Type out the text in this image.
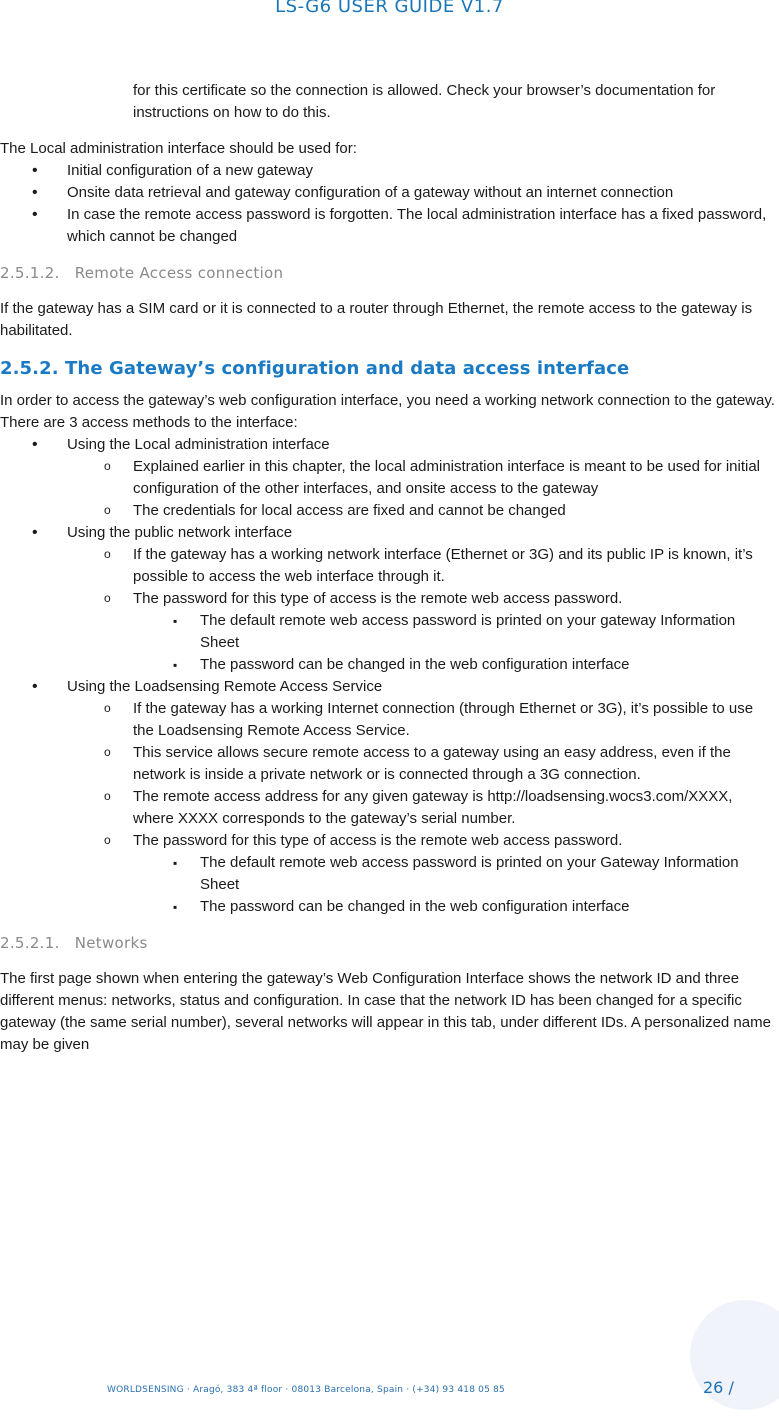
LS-G6 USER GUIDE V1.7

for this certificate so the connection is allowed. Check your browser’s documentation for instructions on how to do this.

The Local administration interface should be used for:

• Initial configuration of a new gateway
• Onsite data retrieval and gateway configuration of a gateway without an internet connection
• In case the remote access password is forgotten. The local administration interface has a fixed password, which cannot be changed
2.5.1.2. Remote Access connection

If the gateway has a SIM card or it is connected to a router through Ethernet, the remote access to the gateway is habilitated.

2.5.2. The Gateway’s configuration and data access interface

In order to access the gateway’s web configuration interface, you need a working network connection to the gateway. There are 3 access methods to the interface:

• Using the Local administration interface
o Explained earlier in this chapter, the local administration interface is meant to be used for initial configuration of the other interfaces, and onsite access to the gateway
o The credentials for local access are fixed and cannot be changed
• Using the public network interface
o If the gateway has a working network interface (Ethernet or 3G) and its public IP is known, it’s possible to access the web interface through it.
o The password for this type of access is the remote web access password.
▪ The default remote web access password is printed on your gateway Information Sheet
▪ The password can be changed in the web configuration interface
• Using the Loadsensing Remote Access Service
o If the gateway has a working Internet connection (through Ethernet or 3G), it’s possible to use the Loadsensing Remote Access Service.
o This service allows secure remote access to a gateway using an easy address, even if the network is inside a private network or is connected through a 3G connection.
o The remote access address for any given gateway is http://loadsensing.wocs3.com/XXXX, where XXXX corresponds to the gateway’s serial number.
o The password for this type of access is the remote web access password.
▪ The default remote web access password is printed on your Gateway Information Sheet
▪ The password can be changed in the web configuration interface
2.5.2.1. Networks

The first page shown when entering the gateway’s Web Configuration Interface shows the network ID and three different menus: networks, status and configuration. In case that the network ID has been changed for a specific gateway (the same serial number), several networks will appear in this tab, under different IDs. A personalized name may be given

WORLDSENSING · Aragó, 383 4ª floor · 08013 Barcelona, Spain · (+34) 93 418 05 85	26 /
